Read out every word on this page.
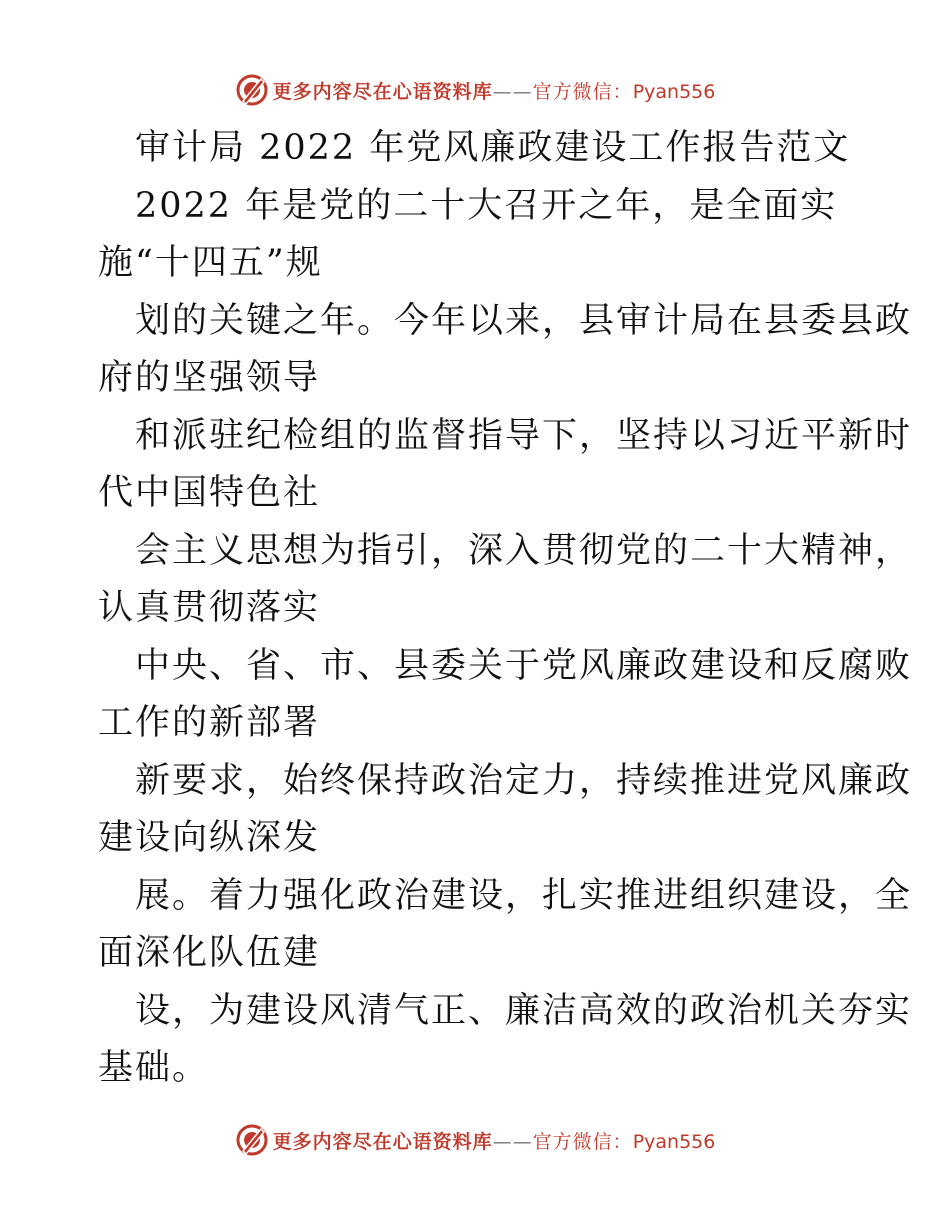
更多内容尽在心语资料库——官方微信：Pyan556
审计局 2022 年党风廉政建设工作报告范文
2022 年是党的二十大召开之年，是全面实
施“十四五”规
划的关键之年。今年以来，县审计局在县委县政
府的坚强领导
和派驻纪检组的监督指导下，坚持以习近平新时
代中国特色社
会主义思想为指引，深入贯彻党的二十大精神，
认真贯彻落实
中央、省、市、县委关于党风廉政建设和反腐败
工作的新部署
新要求，始终保持政治定力，持续推进党风廉政
建设向纵深发
展。着力强化政治建设，扎实推进组织建设，全
面深化队伍建
设，为建设风清气正、廉洁高效的政治机关夯实
基础。
更多内容尽在心语资料库——官方微信：Pyan556
